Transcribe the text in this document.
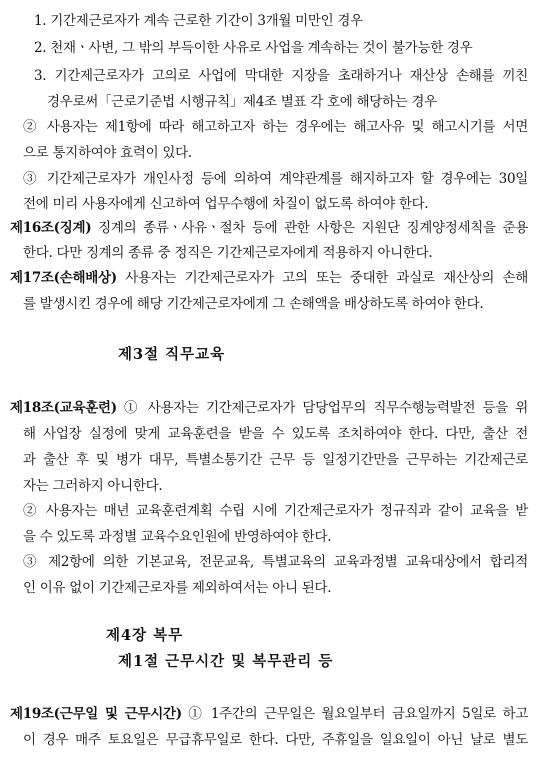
1. 기간제근로자가 계속 근로한 기간이 3개월 미만인 경우
2. 천재ㆍ사변, 그 밖의 부득이한 사유로 사업을 계속하는 것이 불가능한 경우
3. 기간제근로자가 고의로 사업에 막대한 지장을 초래하거나 재산상 손해를 끼친
경우로써「근로기준법 시행규칙」제4조 별표 각 호에 해당하는 경우
② 사용자는 제1항에 따라 해고하고자 하는 경우에는 해고사유 및 해고시기를 서면
으로 통지하여야 효력이 있다.
③ 기간제근로자가 개인사정 등에 의하여 계약관계를 해지하고자 할 경우에는 30일
전에 미리 사용자에게 신고하여 업무수행에 차질이 없도록 하여야 한다.
제16조(징계) 징계의 종류ㆍ사유ㆍ절차 등에 관한 사항은 지원단 징계양정세칙을 준용
한다. 다만 징계의 종류 중 정직은 기간제근로자에게 적용하지 아니한다.
제17조(손해배상) 사용자는 기간제근로자가 고의 또는 중대한 과실로 재산상의 손해
를 발생시킨 경우에 해당 기간제근로자에게 그 손해액을 배상하도록 하여야 한다.
제3절 직무교육
제18조(교육훈련) ① 사용자는 기간제근로자가 담당업무의 직무수행능력발전 등을 위
해 사업장 실정에 맞게 교육훈련을 받을 수 있도록 조치하여야 한다. 다만, 출산 전
과 출산 후 및 병가 대무, 특별소통기간 근무 등 일정기간만을 근무하는 기간제근로
자는 그러하지 아니한다.
② 사용자는 매년 교육훈련계획 수립 시에 기간제근로자가 정규직과 같이 교육을 받
을 수 있도록 과정별 교육수요인원에 반영하여야 한다.
③ 제2항에 의한 기본교육, 전문교육, 특별교육의 교육과정별 교육대상에서 합리적
인 이유 없이 기간제근로자를 제외하여서는 아니 된다.
제4장 복무
제1절 근무시간 및 복무관리 등
제19조(근무일 및 근무시간) ① 1주간의 근무일은 월요일부터 금요일까지 5일로 하고
이 경우 매주 토요일은 무급휴무일로 한다. 다만, 주휴일을 일요일이 아닌 날로 별도
